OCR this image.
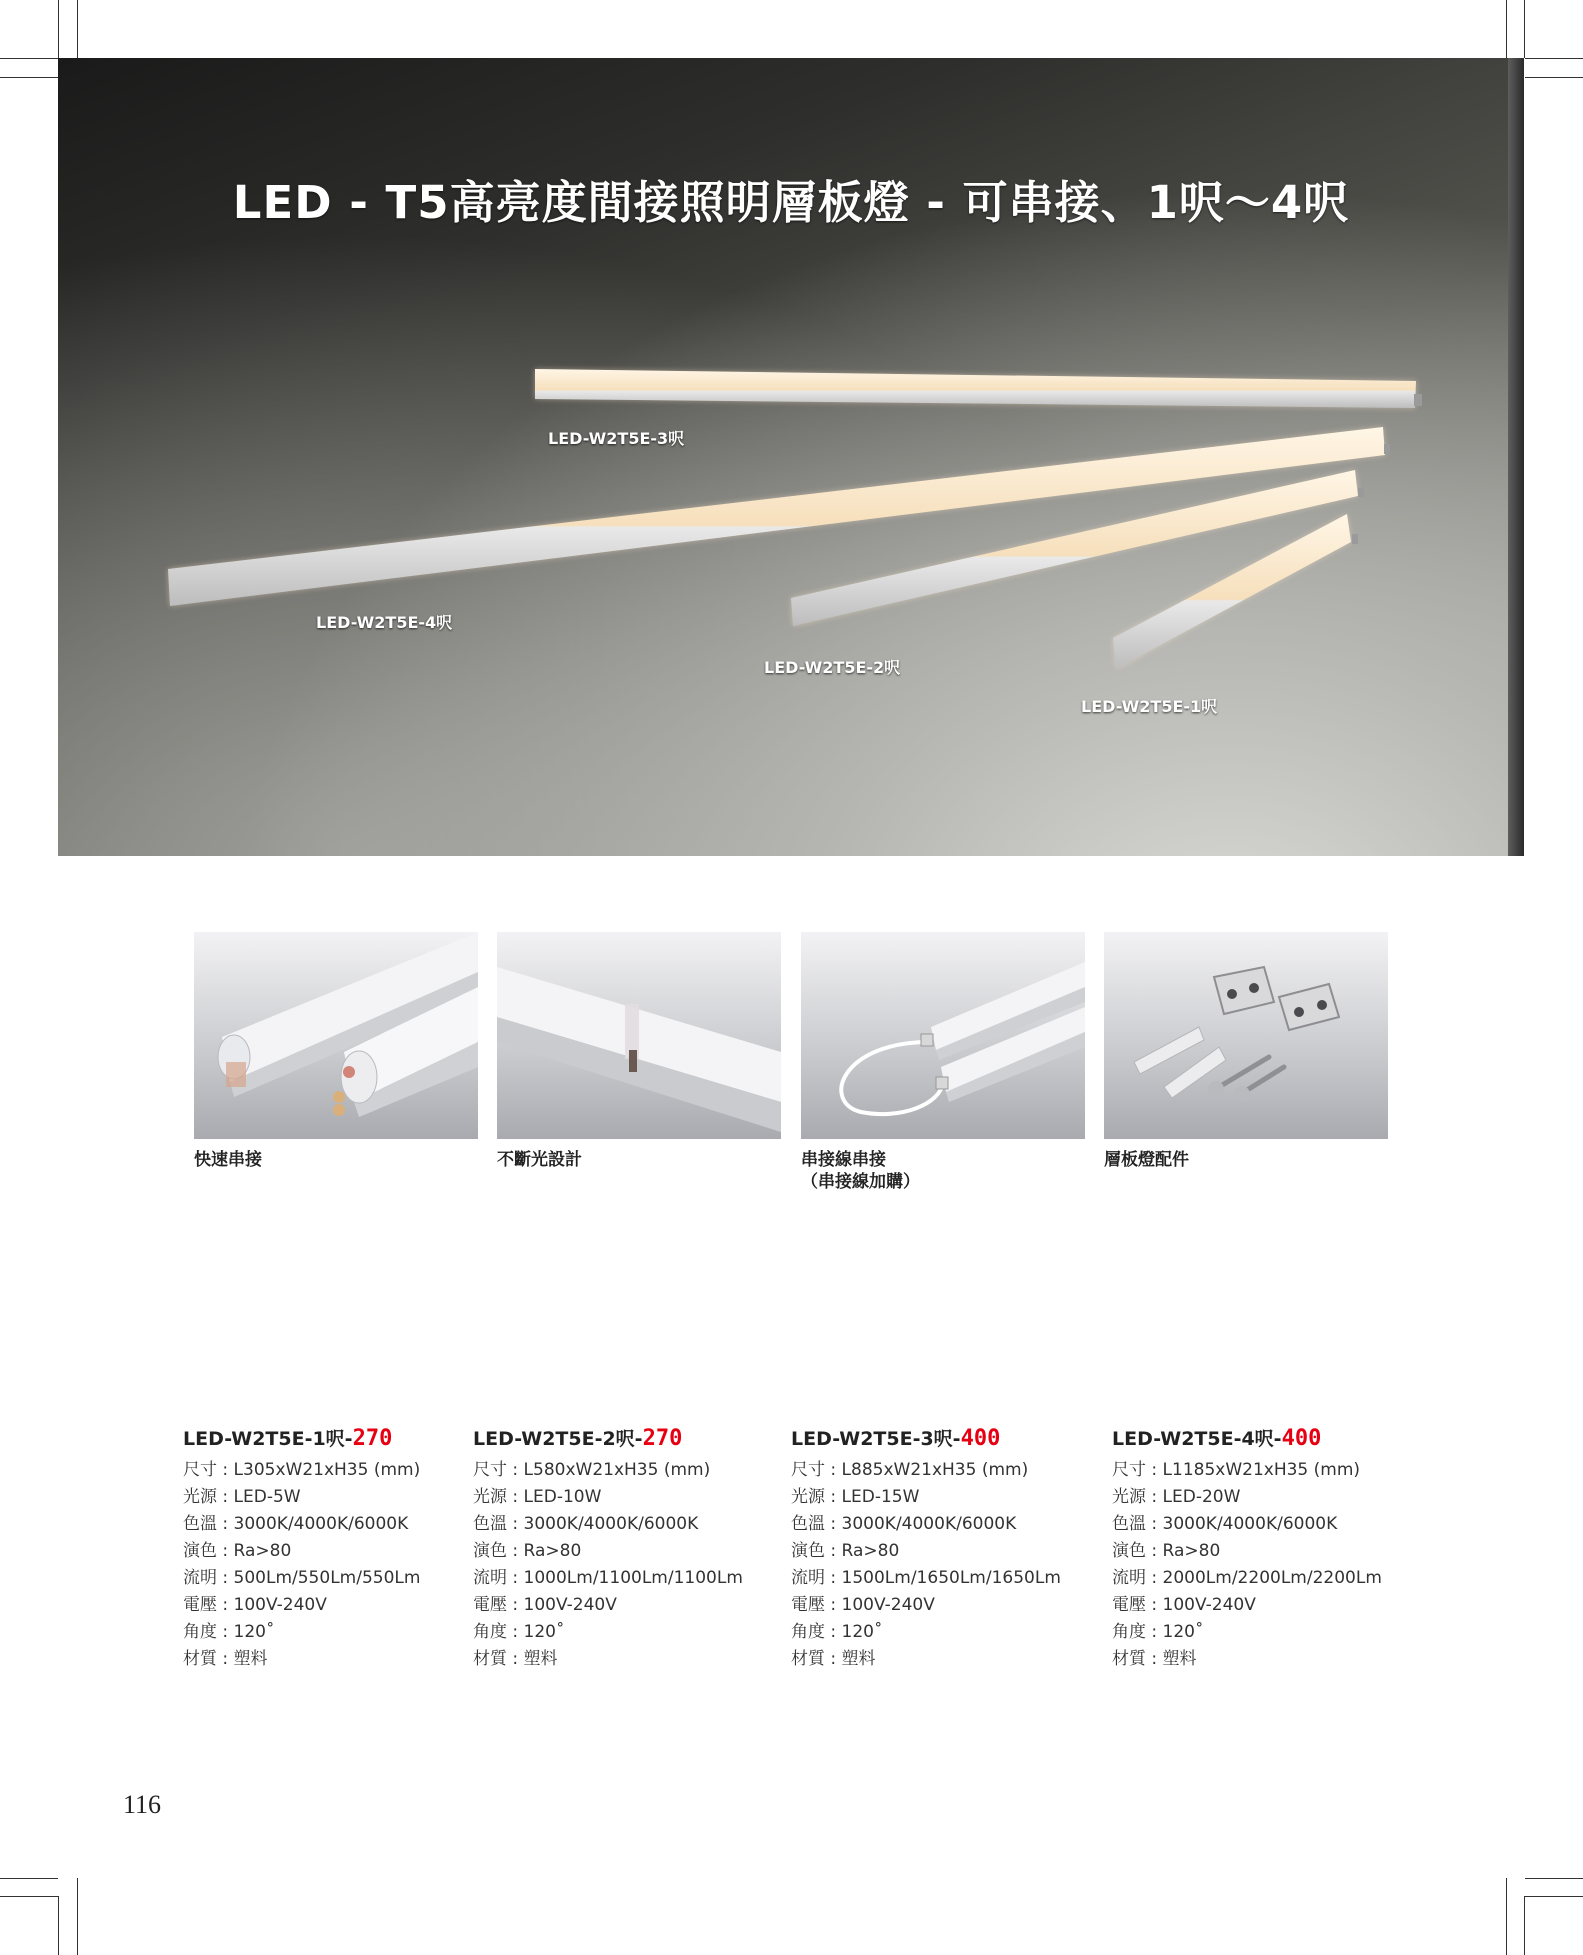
LED - T5高亮度間接照明層板燈 - 可串接、1呎～4呎
LED-W2T5E-3呎
LED-W2T5E-4呎
LED-W2T5E-2呎
LED-W2T5E-1呎
快速串接	不斷光設計	串接線串接
（串接線加購）
層板燈配件
LED-W2T5E-1呎-270
尺寸 : L305xW21xH35 (mm)
光源 : LED-5W
色溫 : 3000K/4000K/6000K
演色 : Ra>80
流明 : 500Lm/550Lm/550Lm
電壓 : 100V-240V
角度 : 120˚
材質 : 塑料
LED-W2T5E-2呎-270
尺寸 : L580xW21xH35 (mm)
光源 : LED-10W
色溫 : 3000K/4000K/6000K
演色 : Ra>80
流明 : 1000Lm/1100Lm/1100Lm
電壓 : 100V-240V
角度 : 120˚
材質 : 塑料
LED-W2T5E-3呎-400
尺寸 : L885xW21xH35 (mm)
光源 : LED-15W
色溫 : 3000K/4000K/6000K
演色 : Ra>80
流明 : 1500Lm/1650Lm/1650Lm
電壓 : 100V-240V
角度 : 120˚
材質 : 塑料
LED-W2T5E-4呎-400
尺寸 : L1185xW21xH35 (mm)
光源 : LED-20W
色溫 : 3000K/4000K/6000K
演色 : Ra>80
流明 : 2000Lm/2200Lm/2200Lm
電壓 : 100V-240V
角度 : 120˚
材質 : 塑料
116
